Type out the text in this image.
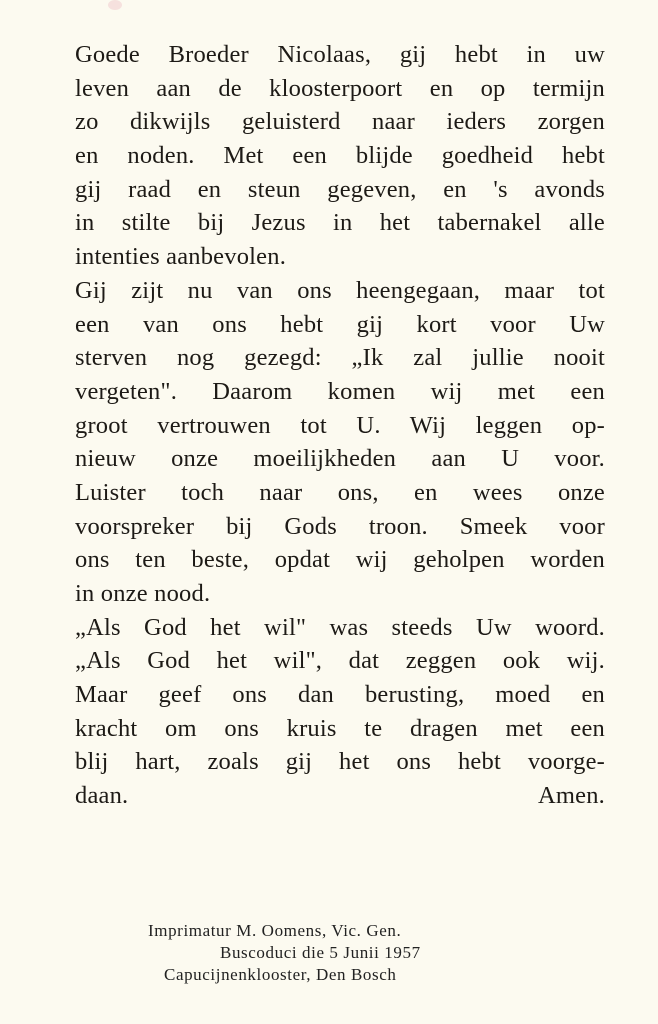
Goede Broeder Nicolaas, gij hebt in uw
leven aan de kloosterpoort en op termijn
zo dikwijls geluisterd naar ieders zorgen
en noden. Met een blijde goedheid hebt
gij raad en steun gegeven, en 's avonds
in stilte bij Jezus in het tabernakel alle
intenties aanbevolen.
Gij zijt nu van ons heengegaan, maar tot
een van ons hebt gij kort voor Uw
sterven nog gezegd: „Ik zal jullie nooit
vergeten". Daarom komen wij met een
groot vertrouwen tot U. Wij leggen op-
nieuw onze moeilijkheden aan U voor.
Luister toch naar ons, en wees onze
voorspreker bij Gods troon. Smeek voor
ons ten beste, opdat wij geholpen worden
in onze nood.
„Als God het wil" was steeds Uw woord.
„Als God het wil", dat zeggen ook wij.
Maar geef ons dan berusting, moed en
kracht om ons kruis te dragen met een
blij hart, zoals gij het ons hebt voorge-
daan.	Amen.
Imprimatur M. Oomens, Vic. Gen.
Buscoduci die 5 Junii 1957
Capucijnenklooster, Den Bosch
